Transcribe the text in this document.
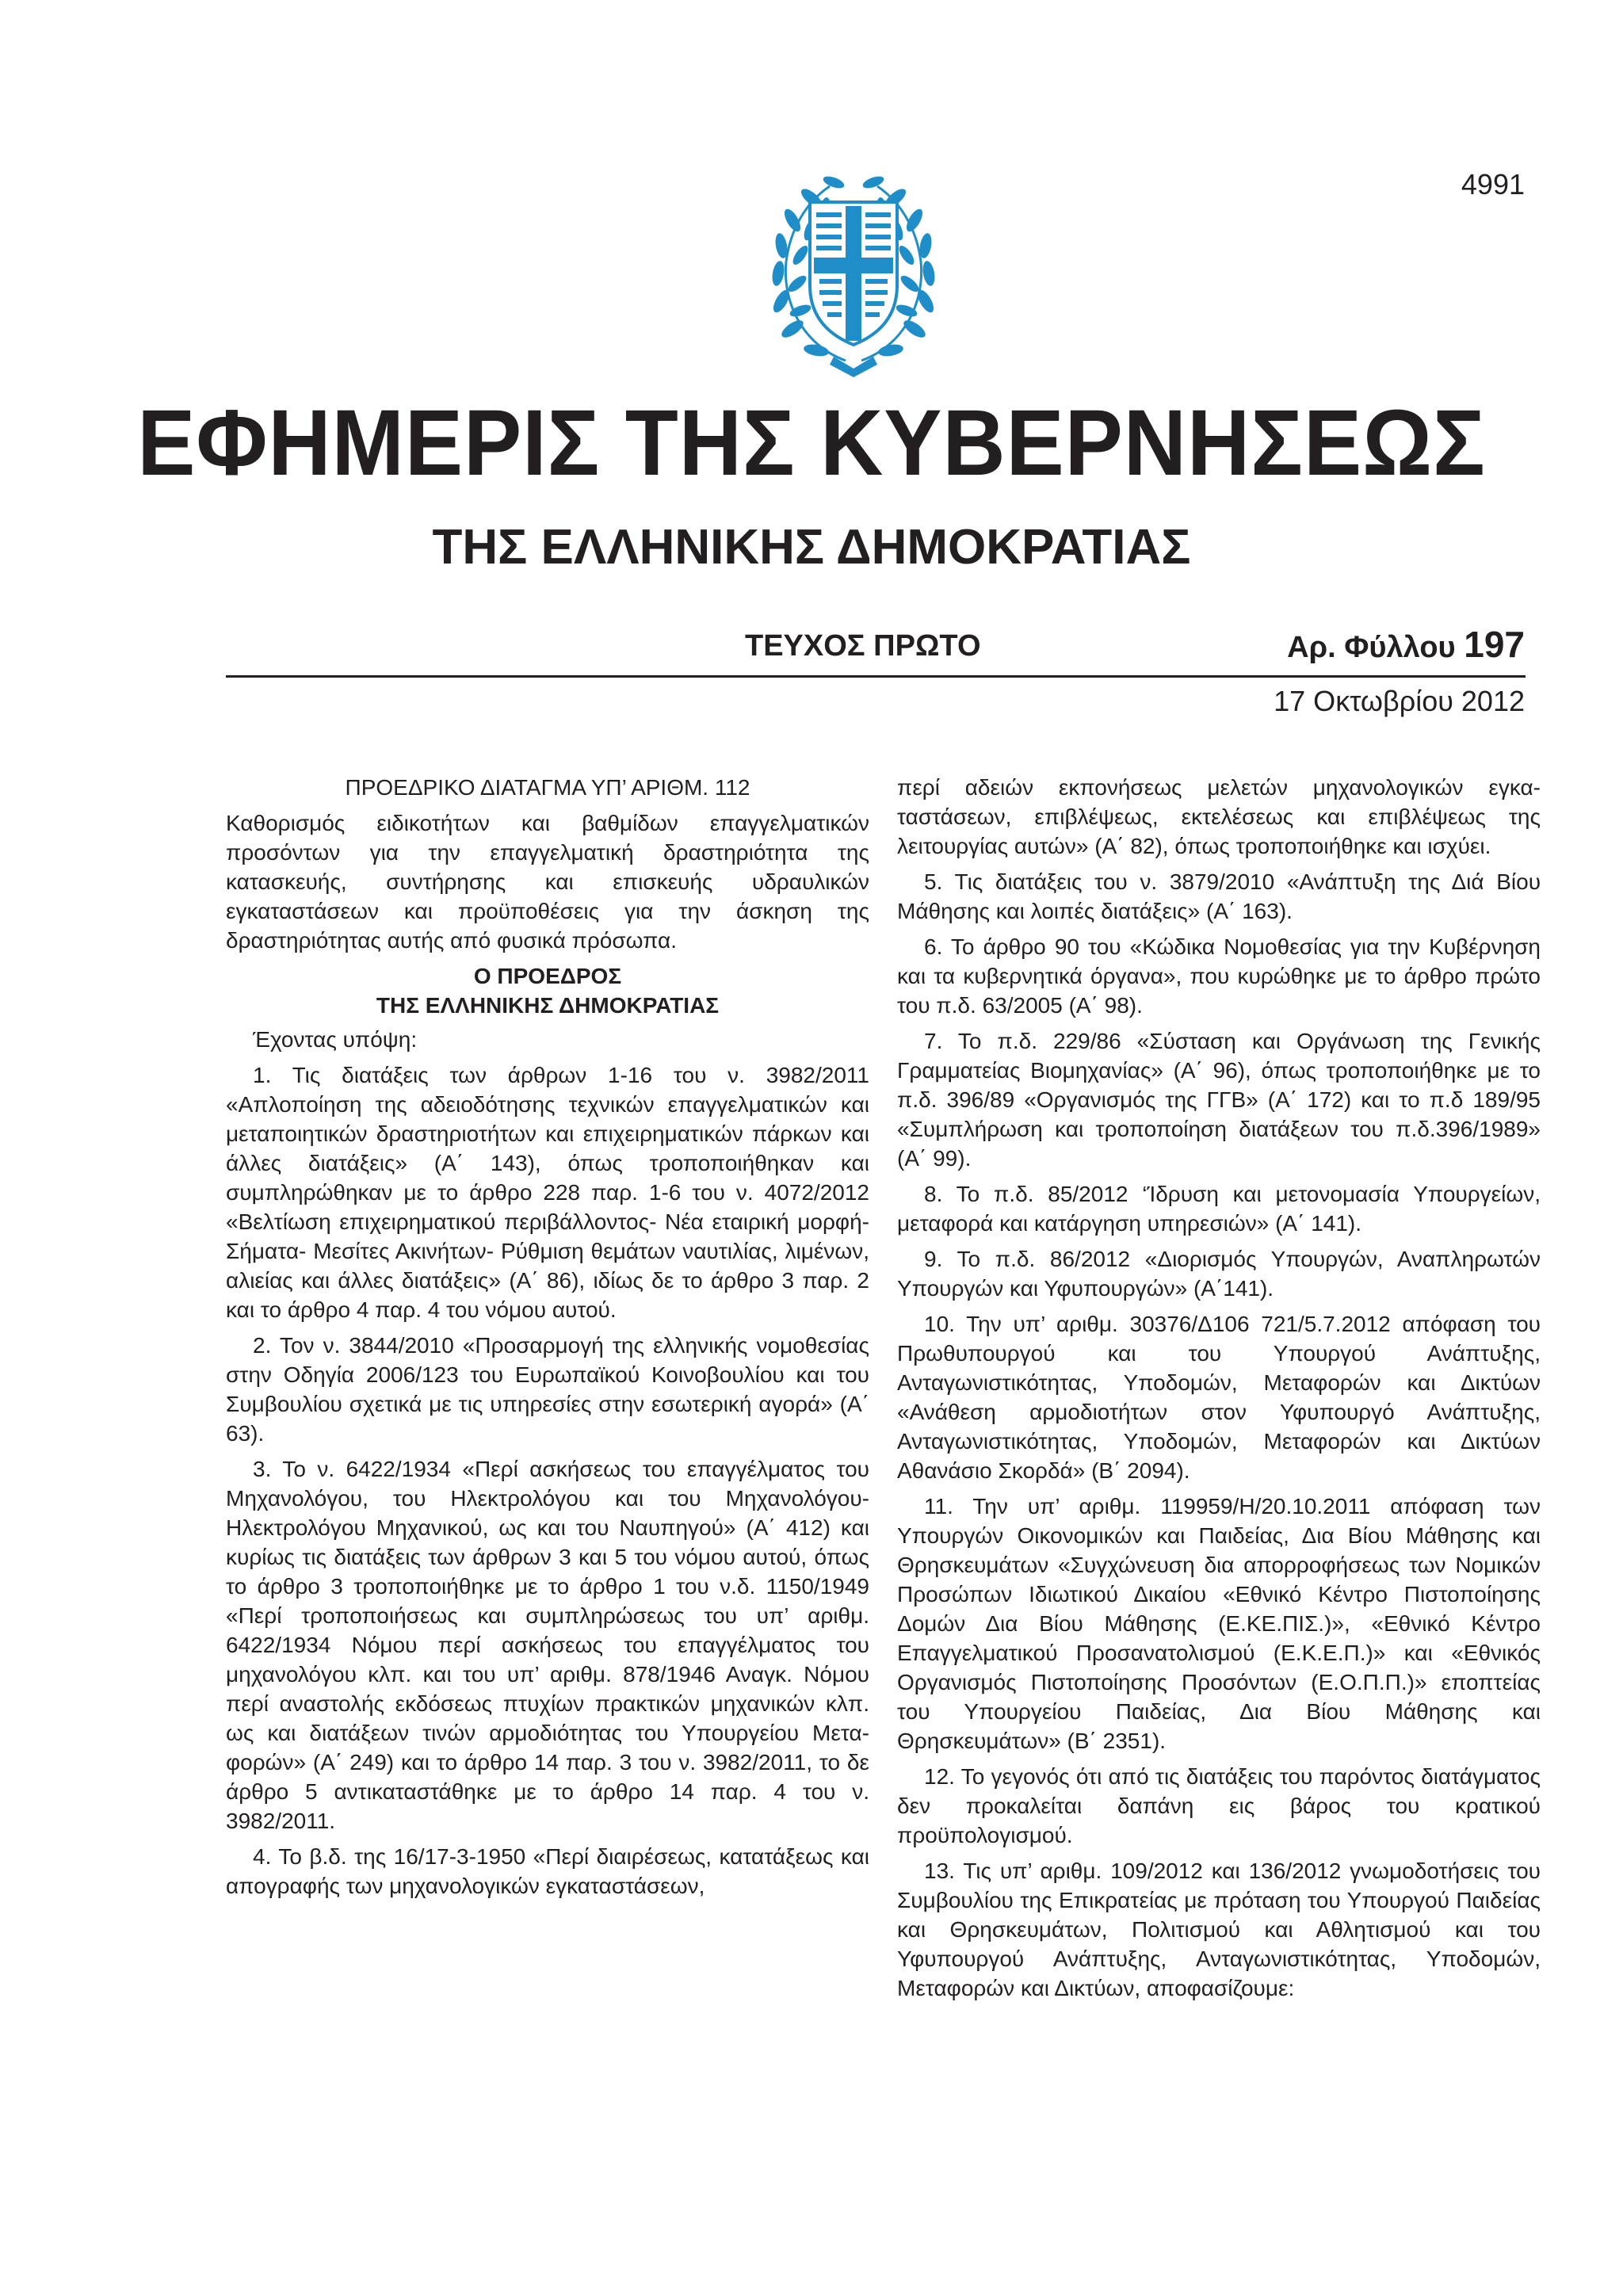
4991
ΕΦΗΜΕΡΙΣ ΤΗΣ ΚΥΒΕΡΝΗΣΕΩΣ
ΤΗΣ ΕΛΛΗΝΙΚΗΣ ΔΗΜΟΚΡΑΤΙΑΣ
ΤΕΥΧΟΣ ΠΡΩΤΟ	Αρ. Φύλλου 197
17 Οκτωβρίου 2012

ΠΡΟΕΔΡΙΚΟ ΔΙΑΤΑΓΜΑ ΥΠ’ ΑΡΙΘΜ. 112

Καθορισμός ειδικοτήτων και βαθμίδων επαγγελματικών προσόντων για την επαγγελματική δραστηριότητα της κατασκευής, συντήρησης και επισκευής υδραυλικών εγκαταστάσεων και προϋποθέσεις για την άσκηση της δραστηριότητας αυτής από φυσικά πρόσωπα.

Ο ΠΡΟΕΔΡΟΣ
ΤΗΣ ΕΛΛΗΝΙΚΗΣ ΔΗΜΟΚΡΑΤΙΑΣ

Έχοντας υπόψη:

1. Τις διατάξεις των άρθρων 1-16 του ν. 3982/2011 «Απλοποίηση της αδειοδότησης τεχνικών επαγγελματικών και μεταποιητικών δραστηριοτήτων και επιχειρηματικών πάρκων και άλλες διατάξεις» (Α΄ 143), όπως τροποποιήθηκαν και συμπληρώθηκαν με το άρθρο 228 παρ. 1-6 του ν. 4072/2012 «Βελτίωση επιχειρηματικού περιβάλλοντος- Νέα εταιρική μορφή- Σήματα- Μεσίτες Ακινήτων- Ρύθμιση θεμάτων ναυτιλίας, λιμένων, αλιείας και άλλες διατάξεις» (Α΄ 86), ιδίως δε το άρθρο 3 παρ. 2 και το άρθρο 4 παρ. 4 του νόμου αυτού.

2. Τον ν. 3844/2010 «Προσαρμογή της ελληνικής νομοθεσίας στην Οδηγία 2006/123 του Ευρωπαϊκού Κοινοβουλίου και του Συμβουλίου σχετικά με τις υπηρεσίες στην εσωτερική αγορά» (Α΄ 63).

3. Το ν. 6422/1934 «Περί ασκήσεως του επαγγέλματος του Μηχανολόγου, του Ηλεκτρολόγου και του Μηχανολόγου- Ηλεκτρολόγου Μηχανικού, ως και του Ναυπηγού» (Α΄ 412) και κυρίως τις διατάξεις των άρθρων 3 και 5 του νόμου αυτού, όπως το άρθρο 3 τροποποιήθηκε με το άρθρο 1 του ν.δ. 1150/1949 «Περί τροποποιήσεως και συμπληρώσεως του υπ’ αριθμ. 6422/1934 Νόμου περί ασκήσεως του επαγγέλματος του μηχανολόγου κλπ. και του υπ’ αριθμ. 878/1946 Αναγκ. Νόμου περί αναστολής εκδόσεως πτυχίων πρακτικών μηχανικών κλπ. ως και διατάξεων τινών αρμοδιότητας του Υπουργείου Μεταφορών» (Α΄ 249) και το άρθρο 14 παρ. 3 του ν. 3982/2011, το δε άρθρο 5 αντικαταστάθηκε με το άρθρο 14 παρ. 4 του ν. 3982/2011.

4. Το β.δ. της 16/17-3-1950 «Περί διαιρέσεως, κατατάξεως και απογραφής των μηχανολογικών εγκαταστάσεων,

περί αδειών εκπονήσεως μελετών μηχανολογικών εγκαταστάσεων, επιβλέψεως, εκτελέσεως και επιβλέψεως της λειτουργίας αυτών» (Α΄ 82), όπως τροποποιήθηκε και ισχύει.

5. Τις διατάξεις του ν. 3879/2010 «Ανάπτυξη της Διά Βίου Μάθησης και λοιπές διατάξεις» (Α΄ 163).

6. Το άρθρο 90 του «Κώδικα Νομοθεσίας για την Κυβέρνηση και τα κυβερνητικά όργανα», που κυρώθηκε με το άρθρο πρώτο του π.δ. 63/2005 (Α΄ 98).

7. Το π.δ. 229/86 «Σύσταση και Οργάνωση της Γενικής Γραμματείας Βιομηχανίας» (Α΄ 96), όπως τροποποιήθηκε με το π.δ. 396/89 «Οργανισμός της ΓΓΒ» (Α΄ 172) και το π.δ 189/95 «Συμπλήρωση και τροποποίηση διατάξεων του π.δ.396/1989» (Α΄ 99).

8. Το π.δ. 85/2012 ‘Ίδρυση και μετονομασία Υπουργείων, μεταφορά και κατάργηση υπηρεσιών» (Α΄ 141).

9. Το π.δ. 86/2012 «Διορισμός Υπουργών, Αναπληρωτών Υπουργών και Υφυπουργών» (Α΄141).

10. Την υπ’ αριθμ. 30376/Δ106 721/5.7.2012 απόφαση του Πρωθυπουργού και του Υπουργού Ανάπτυξης, Ανταγωνιστικότητας, Υποδομών, Μεταφορών και Δικτύων «Ανάθεση αρμοδιοτήτων στον Υφυπουργό Ανάπτυξης, Ανταγωνιστικότητας, Υποδομών, Μεταφορών και Δικτύων Αθανάσιο Σκορδά» (Β΄ 2094).

11. Την υπ’ αριθμ. 119959/Η/20.10.2011 απόφαση των Υπουργών Οικονομικών και Παιδείας, Δια Βίου Μάθησης και Θρησκευμάτων «Συγχώνευση δια απορροφήσεως των Νομικών Προσώπων Ιδιωτικού Δικαίου «Εθνικό Κέντρο Πιστοποίησης Δομών Δια Βίου Μάθησης (Ε.ΚΕ.ΠΙΣ.)», «Εθνικό Κέντρο Επαγγελματικού Προσανατολισμού (Ε.Κ.Ε.Π.)» και «Εθνικός Οργανισμός Πιστοποίησης Προσόντων (Ε.Ο.Π.Π.)» εποπτείας του Υπουργείου Παιδείας, Δια Βίου Μάθησης και Θρησκευμάτων» (Β΄ 2351).

12. Το γεγονός ότι από τις διατάξεις του παρόντος διατάγματος δεν προκαλείται δαπάνη εις βάρος του κρατικού προϋπολογισμού.

13. Τις υπ’ αριθμ. 109/2012 και 136/2012 γνωμοδοτήσεις του Συμβουλίου της Επικρατείας με πρόταση του Υπουργού Παιδείας και Θρησκευμάτων, Πολιτισμού και Αθλητισμού και του Υφυπουργού Ανάπτυξης, Ανταγωνιστικότητας, Υποδομών, Μεταφορών και Δικτύων, αποφασίζουμε:
